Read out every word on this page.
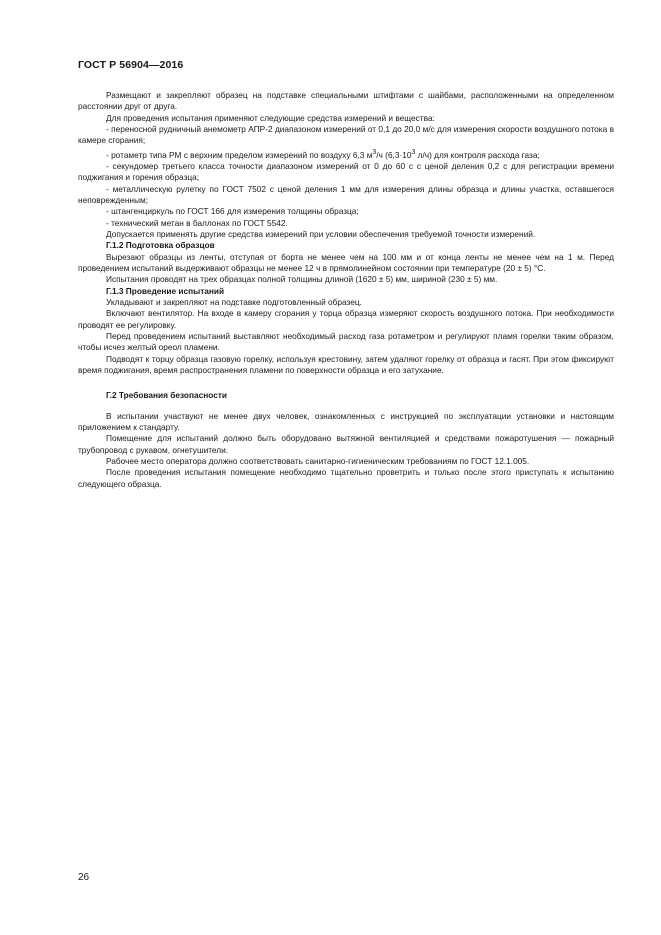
ГОСТ Р 56904—2016

Размещают и закрепляют образец на подставке специальными штифтами с шайбами, расположенными на определенном расстоянии друг от друга.

Для проведения испытания применяют следующие средства измерений и вещества:

- переносной рудничный анемометр АПР-2 диапазоном измерений от 0,1 до 20,0 м/с для измерения скорости воздушного потока в камере сгорания;

- ротаметр типа РМ с верхним пределом измерений по воздуху 6,3 $м^3/ч$ ($6,3\cdot 10^3$ л/ч) для контроля расхода газа;

- секундомер третьего класса точности диапазоном измерений от 0 до 60 с с ценой деления 0,2 с для регистрации времени поджигания и горения образца;

- металлическую рулетку по ГОСТ 7502 с ценой деления 1 мм для измерения длины образца и длины участка, оставшегося неповрежденным;

- штангенциркуль по ГОСТ 166 для измерения толщины образца;

- технический метан в баллонах по ГОСТ 5542.

Допускается применять другие средства измерений при условии обеспечения требуемой точности измерений.

Г.1.2 Подготовка образцов

Вырезают образцы из ленты, отступая от борта не менее чем на 100 мм и от конца ленты не менее чем на 1 м. Перед проведением испытаний выдерживают образцы не менее 12 ч в прямолинейном состоянии при температуре (20 ± 5) °C.

Испытания проводят на трех образцах полной толщины длиной (1620 ± 5) мм, шириной (230 ± 5) мм.

Г.1.3 Проведение испытаний

Укладывают и закрепляют на подставке подготовленный образец.

Включают вентилятор. На входе в камеру сгорания у торца образца измеряют скорость воздушного потока. При необходимости проводят ее регулировку.

Перед проведением испытаний выставляют необходимый расход газа ротаметром и регулируют пламя горелки таким образом, чтобы исчез желтый ореол пламени.

Подводят к торцу образца газовую горелку, используя крестовину, затем удаляют горелку от образца и гасят. При этом фиксируют время поджигания, время распространения пламени по поверхности образца и его затухание.

Г.2 Требования безопасности

В испытании участвуют не менее двух человек, ознакомленных с инструкцией по эксплуатации установки и настоящим приложением к стандарту.

Помещение для испытаний должно быть оборудовано вытяжной вентиляцией и средствами пожаротушения — пожарный трубопровод с рукавом, огнетушители.

Рабочее место оператора должно соответствовать санитарно-гигиеническим требованиям по ГОСТ 12.1.005.

После проведения испытания помещение необходимо тщательно проветрить и только после этого приступать к испытанию следующего образца.

26
